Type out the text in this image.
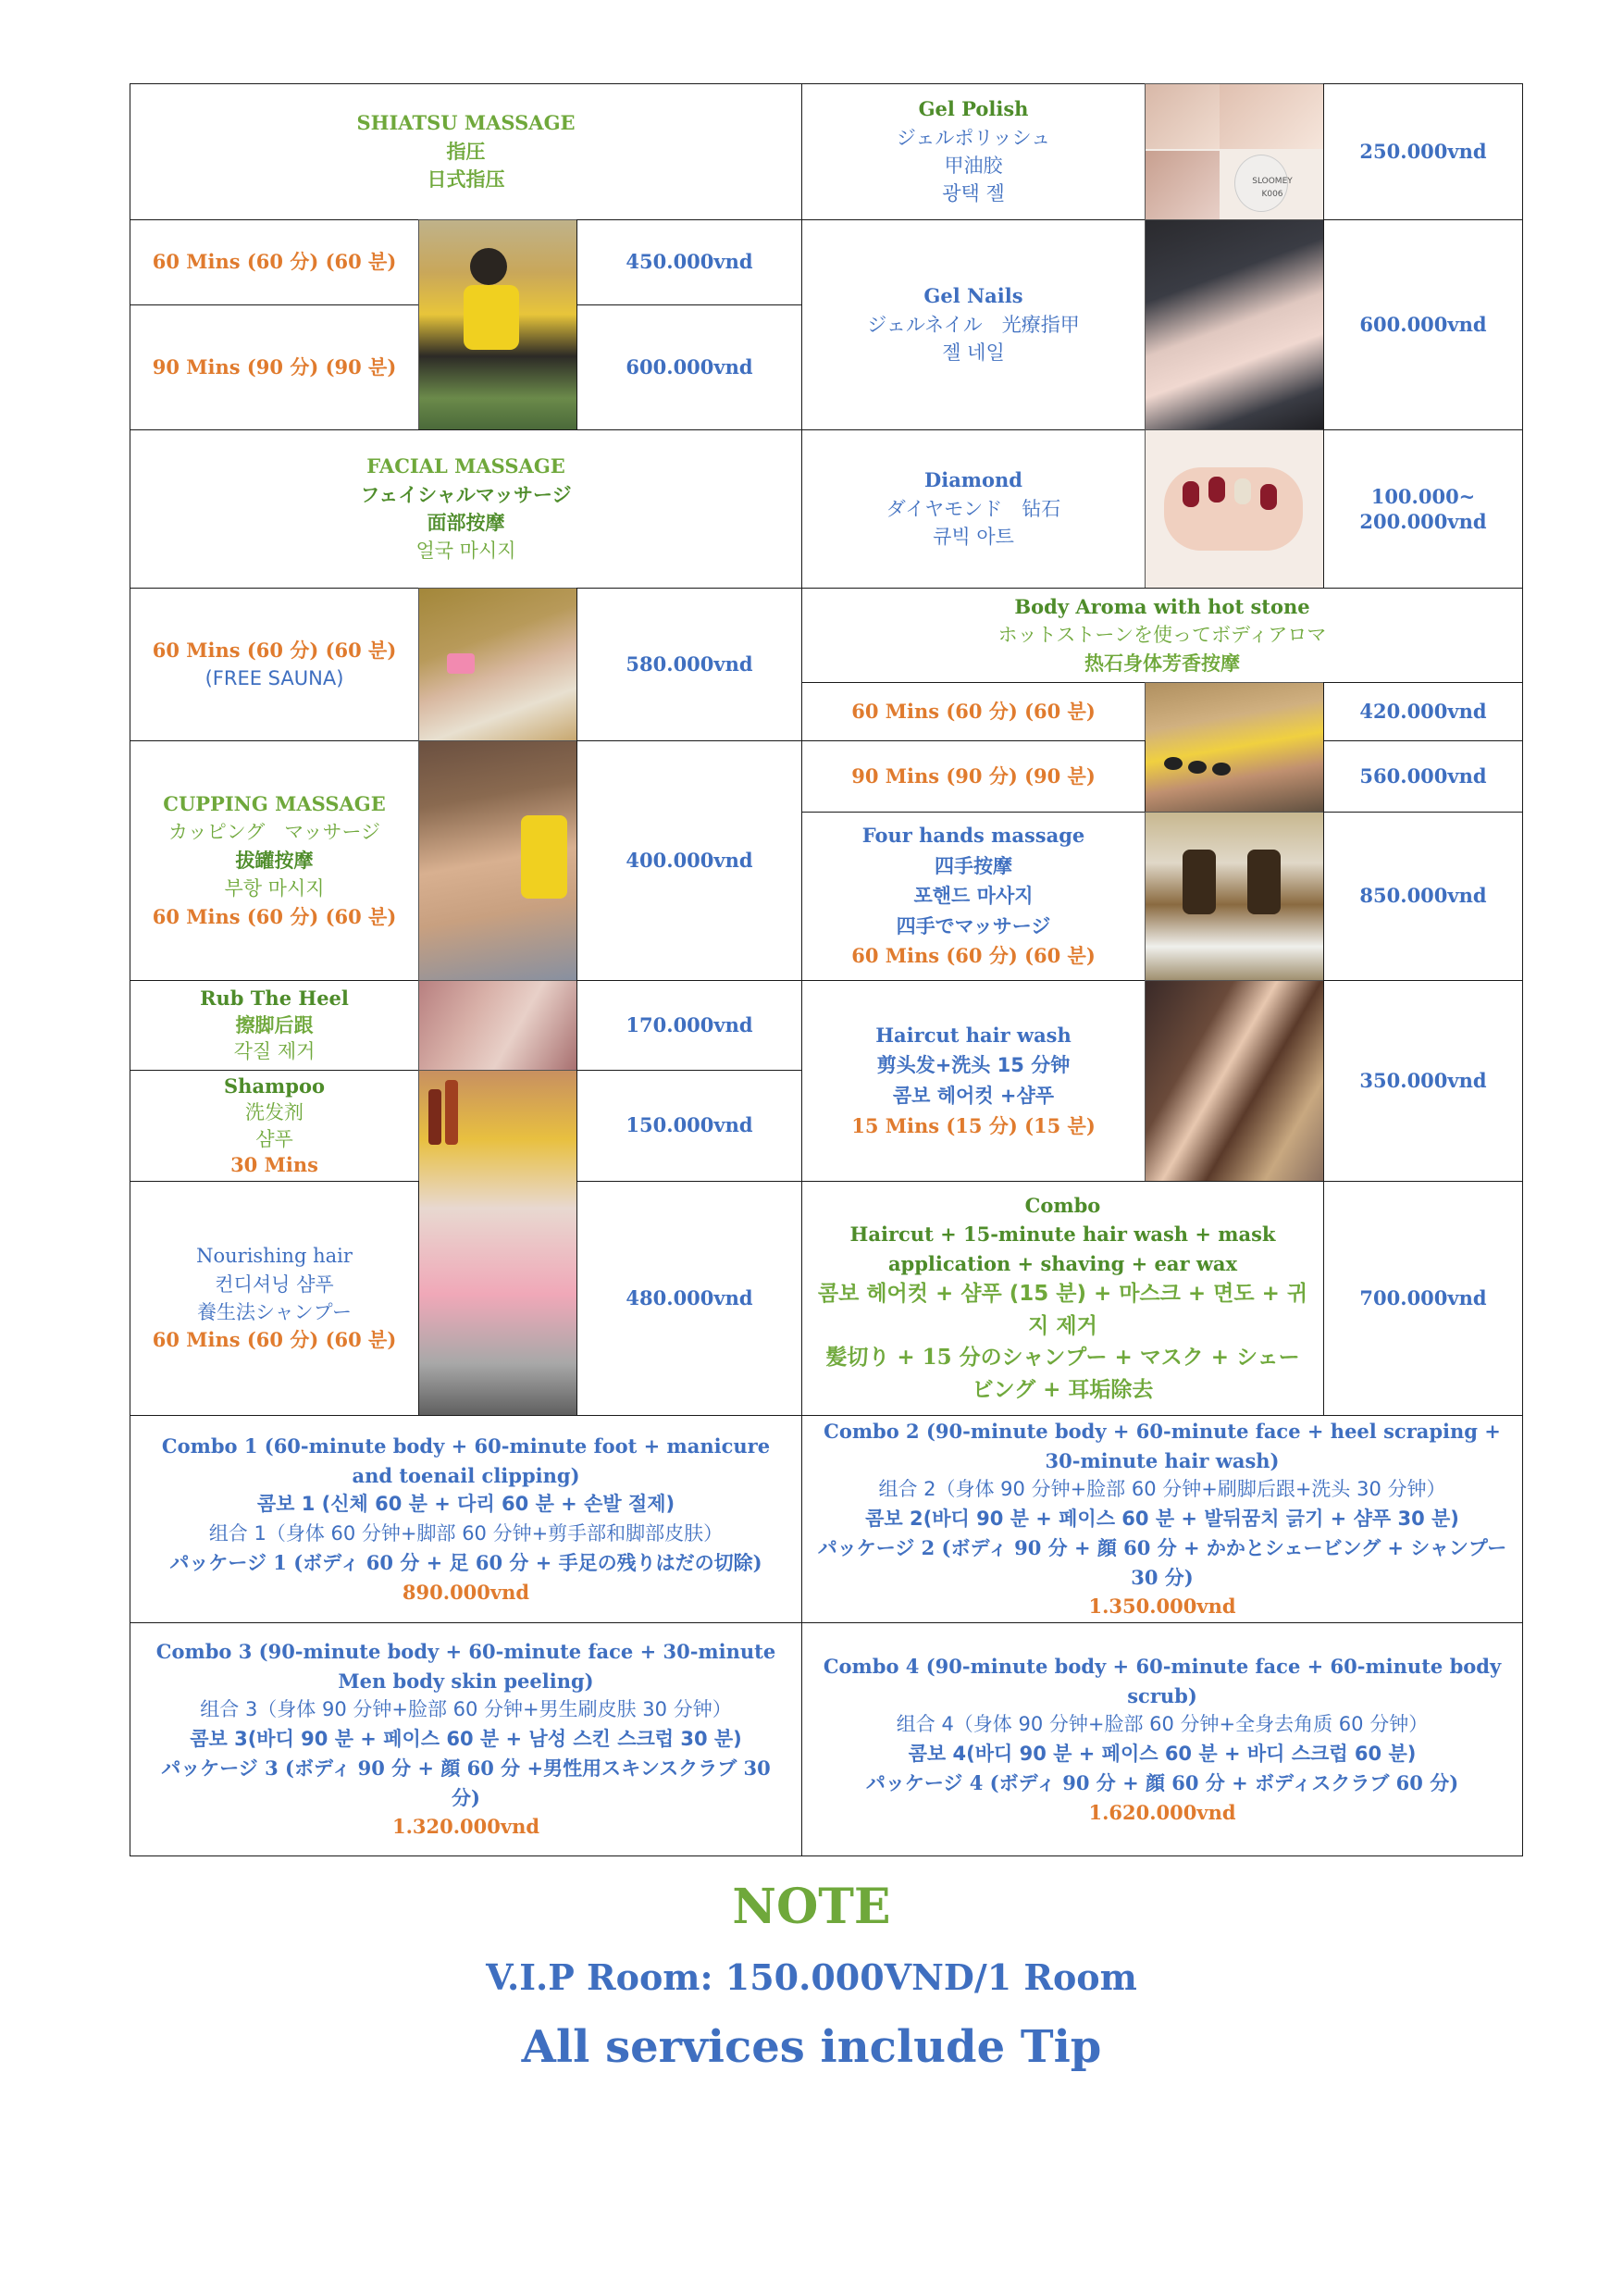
SHIATSU MASSAGE
指圧
日式指压
60 Mins (60 分) (60 분)
90 Mins (90 分) (90 분)
450.000vnd
600.000vnd
FACIAL MASSAGE
フェイシャルマッサージ
面部按摩
얼국 마시지
60 Mins (60 分) (60 분)
(FREE SAUNA)
580.000vnd
CUPPING MASSAGE
カッピング　マッサージ
拔罐按摩
부항 마시지
60 Mins (60 分) (60 분)
400.000vnd
Rub The Heel
擦脚后跟
각질 제거
170.000vnd
Shampoo
洗发剂
샴푸
30 Mins
150.000vnd
Nourishing hair
컨디셔닝 샴푸
養生法シャンプー
60 Mins (60 分) (60 분)
480.000vnd
Gel Polish
ジェルポリッシュ
甲油胶
광택 젤
SLOOMEY
K006
250.000vnd
Gel Nails
ジェルネイル　光療指甲
젤 네일
600.000vnd
Diamond
ダイヤモンド　钻石
큐빅 아트
100.000~
200.000vnd
Body Aroma with hot stone
ホットストーンを使ってボディアロマ
热石身体芳香按摩
60 Mins (60 分) (60 분)	420.000vnd
90 Mins (90 分) (90 분)	560.000vnd
Four hands massage
四手按摩
포핸드 마사지
四手でマッサージ
60 Mins (60 分) (60 분)
850.000vnd
Haircut hair wash
剪头发+洗头 15 分钟
콤보 헤어컷 +샴푸
15 Mins (15 分) (15 분)
350.000vnd
Combo
Haircut + 15-minute hair wash + mask application + shaving + ear wax
콤보 헤어컷 + 샴푸 (15 분) + 마스크 + 면도 + 귀지 제거
髪切り + 15 分のシャンプー + マスク + シェービング + 耳垢除去
700.000vnd
Combo 1 (60-minute body + 60-minute foot + manicure and toenail clipping)
콤보 1 (신체 60 분 + 다리 60 분 + 손발 절제)
组合 1（身体 60 分钟+脚部 60 分钟+剪手部和脚部皮肤）
パッケージ 1 (ボディ 60 分 + 足 60 分 + 手足の残りはだの切除)
890.000vnd
Combo 2 (90-minute body + 60-minute face + heel scraping + 30-minute hair wash)
组合 2（身体 90 分钟+脸部 60 分钟+刷脚后跟+洗头 30 分钟）
콤보 2(바디 90 분 + 페이스 60 분 + 발뒤꿈치 긁기 + 샴푸 30 분)
パッケージ 2 (ボディ 90 分 + 顔 60 分 + かかとシェービング + シャンプー 30 分)
1.350.000vnd
Combo 3 (90-minute body + 60-minute face + 30-minute Men body skin peeling)
组合 3（身体 90 分钟+脸部 60 分钟+男生刷皮肤 30 分钟）
콤보 3(바디 90 분 + 페이스 60 분 + 남성 스킨 스크럽 30 분)
パッケージ 3 (ボディ 90 分 + 顔 60 分 +男性用スキンスクラブ 30 分)
1.320.000vnd
Combo 4 (90-minute body + 60-minute face + 60-minute body scrub)
组合 4（身体 90 分钟+脸部 60 分钟+全身去角质 60 分钟）
콤보 4(바디 90 분 + 페이스 60 분 + 바디 스크럽 60 분)
パッケージ 4 (ボディ 90 分 + 顔 60 分 + ボディスクラブ 60 分)
1.620.000vnd
NOTE
V.I.P Room: 150.000VND/1 Room
All services include Tip
